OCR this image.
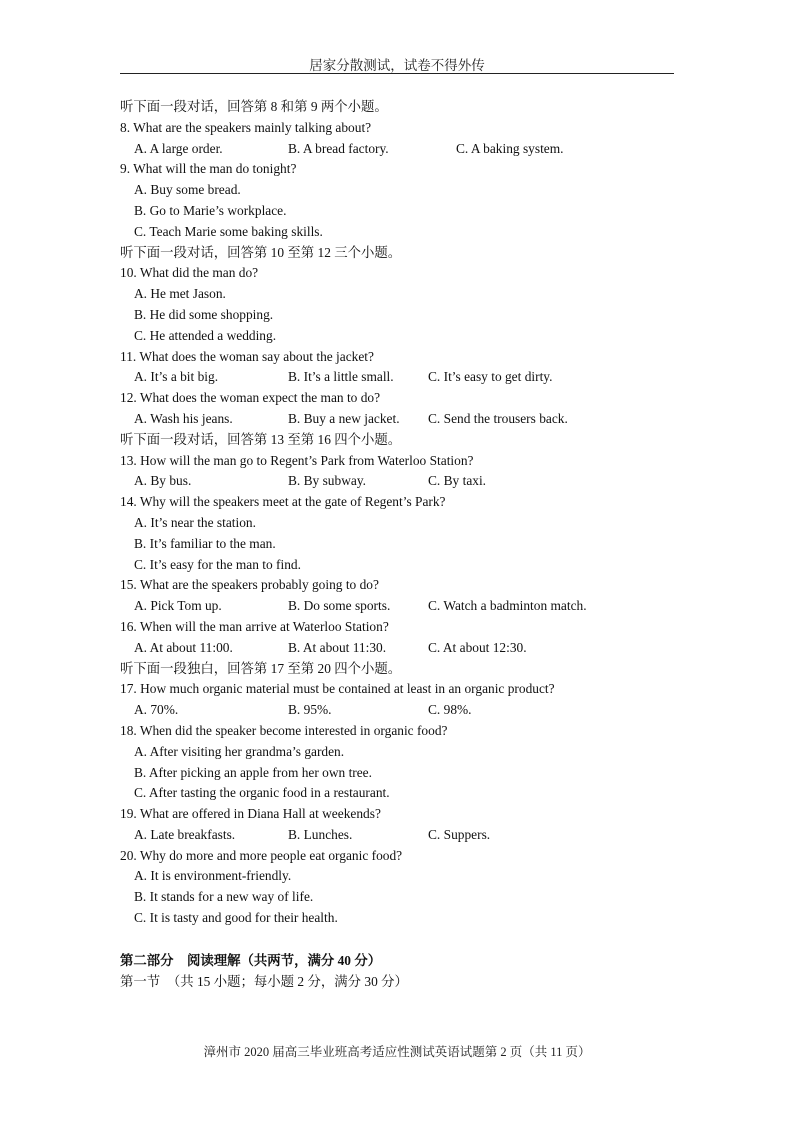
居家分散测试，试卷不得外传
听下面一段对话，回答第 8 和第 9 两个小题。
8. What are the speakers mainly talking about?
A. A large order.	B. A bread factory.	C. A baking system.
9. What will the man do tonight?
A. Buy some bread.
B. Go to Marie’s workplace.
C. Teach Marie some baking skills.
听下面一段对话，回答第 10 至第 12 三个小题。
10. What did the man do?
A. He met Jason.
B. He did some shopping.
C. He attended a wedding.
11. What does the woman say about the jacket?
A. It’s a bit big.	B. It’s a little small.	C. It’s easy to get dirty.
12. What does the woman expect the man to do?
A. Wash his jeans.	B. Buy a new jacket. C. Send the trousers back.
听下面一段对话，回答第 13 至第 16 四个小题。
13. How will the man go to Regent’s Park from Waterloo Station?
A. By bus.	B. By subway.	C. By taxi.
14. Why will the speakers meet at the gate of Regent’s Park?
A. It’s near the station.
B. It’s familiar to the man.
C. It’s easy for the man to find.
15. What are the speakers probably going to do?
A. Pick Tom up.	B. Do some sports.	C. Watch a badminton match.
16. When will the man arrive at Waterloo Station?
A. At about 11:00.	B. At about 11:30.	C. At about 12:30.
听下面一段独白，回答第 17 至第 20 四个小题。
17. How much organic material must be contained at least in an organic product?
A. 70%.	B. 95%.	C. 98%.
18. When did the speaker become interested in organic food?
A. After visiting her grandma’s garden.
B. After picking an apple from her own tree.
C. After tasting the organic food in a restaurant.
19. What are offered in Diana Hall at weekends?
A. Late breakfasts.	B. Lunches.	C. Suppers.
20. Why do more and more people eat organic food?
A. It is environment-friendly.
B. It stands for a new way of life.
C. It is tasty and good for their health.
第二部分　阅读理解（共两节，满分 40 分）
第一节　（共 15 小题；每小题 2 分，满分 30 分）
漳州市 2020 届高三毕业班高考适应性测试英语试题第 2 页（共 11 页）
